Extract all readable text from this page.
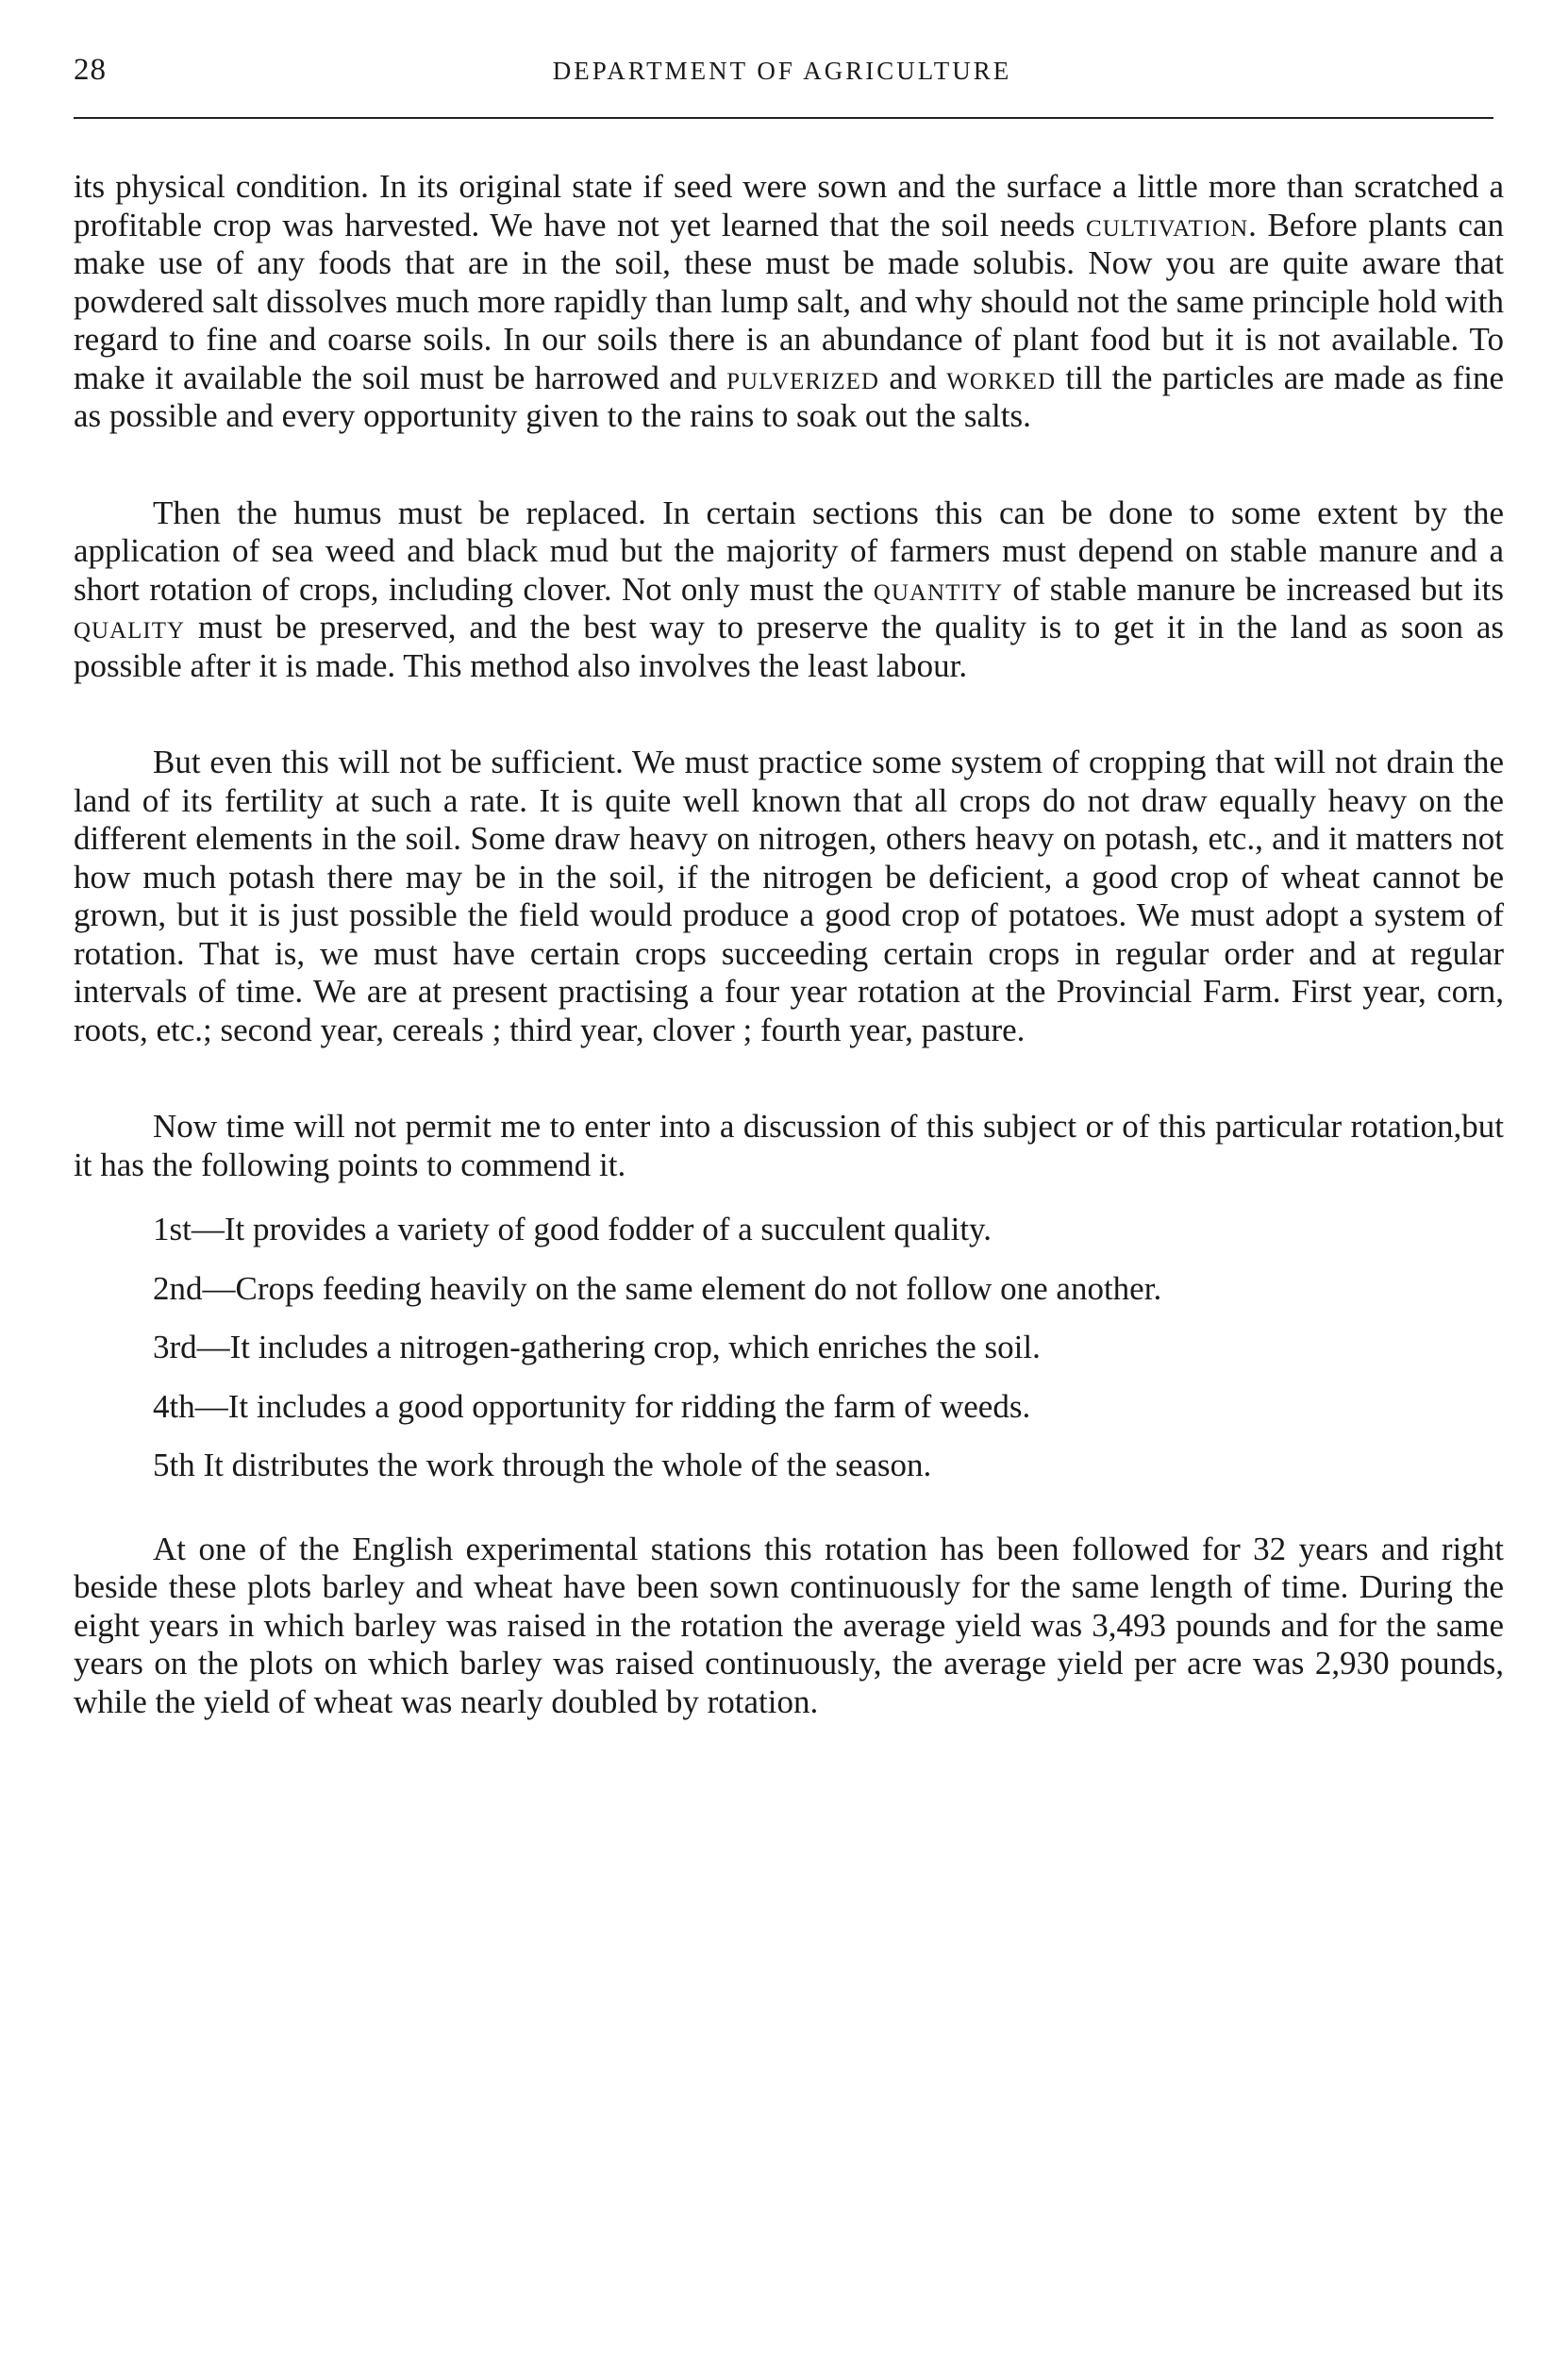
28	DEPARTMENT OF AGRICULTURE

its physical condition. In its original state if seed were sown and the surface a little more than scratched a profitable crop was harvested. We have not yet learned that the soil needs cultivation. Before plants can make use of any foods that are in the soil, these must be made solubis. Now you are quite aware that powdered salt dissolves much more rapidly than lump salt, and why should not the same principle hold with regard to fine and coarse soils. In our soils there is an abundance of plant food but it is not available. To make it available the soil must be harrowed and pulverized and worked till the particles are made as fine as possible and every opportunity given to the rains to soak out the salts.

Then the humus must be replaced. In certain sections this can be done to some extent by the application of sea weed and black mud but the majority of farmers must depend on stable manure and a short rotation of crops, including clover. Not only must the quantity of stable manure be increased but its quality must be preserved, and the best way to preserve the quality is to get it in the land as soon as possible after it is made. This method also involves the least labour.

But even this will not be sufficient. We must practice some system of cropping that will not drain the land of its fertility at such a rate. It is quite well known that all crops do not draw equally heavy on the different elements in the soil. Some draw heavy on nitrogen, others heavy on potash, etc., and it matters not how much potash there may be in the soil, if the nitrogen be deficient, a good crop of wheat cannot be grown, but it is just possible the field would produce a good crop of potatoes. We must adopt a system of rotation. That is, we must have certain crops succeeding certain crops in regular order and at regular intervals of time. We are at present practising a four year rotation at the Provincial Farm. First year, corn, roots, etc.; second year, cereals ; third year, clover ; fourth year, pasture.

Now time will not permit me to enter into a discussion of this subject or of this particular rotation,but it has the following points to commend it.

1st—It provides a variety of good fodder of a succulent quality.

2nd—Crops feeding heavily on the same element do not follow one another.

3rd—It includes a nitrogen-gathering crop, which enriches the soil.

4th—It includes a good opportunity for ridding the farm of weeds.

5th It distributes the work through the whole of the season.

At one of the English experimental stations this rotation has been followed for 32 years and right beside these plots barley and wheat have been sown continuously for the same length of time. During the eight years in which barley was raised in the rotation the average yield was 3,493 pounds and for the same years on the plots on which barley was raised continuously, the average yield per acre was 2,930 pounds, while the yield of wheat was nearly doubled by rotation.
